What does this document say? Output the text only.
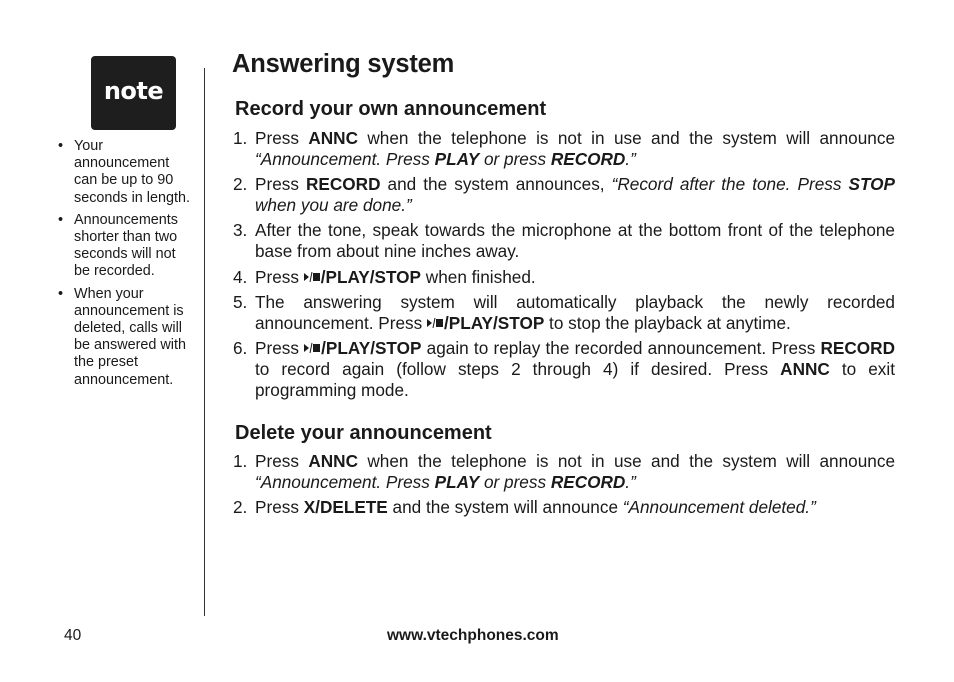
note
• Your announcement can be up to 90 seconds in length.
• Announcements shorter than two seconds will not be recorded.
• When your announcement is deleted, calls will be answered with the preset announcement.
Answering system
Record your own announcement
1. Press ANNC when the telephone is not in use and the system will announce “Announcement. Press PLAY or press RECORD.”
2. Press RECORD and the system announces, “Record after the tone. Press STOP when you are done.”
3. After the tone, speak towards the microphone at the bottom front of the telephone base from about nine inches away.
4. Press
/PLAY/STOP when finished.
5. The answering system will automatically playback the newly recorded announcement. Press
/PLAY/STOP to stop the playback at anytime.
6. Press
/PLAY/STOP again to replay the recorded announcement. Press RECORD to record again (follow steps 2 through 4) if desired. Press ANNC to exit programming mode.
Delete your announcement
1. Press ANNC when the telephone is not in use and the system will announce “Announcement. Press PLAY or press RECORD.”
2. Press X/DELETE and the system will announce “Announcement deleted.”
40	www.vtechphones.com
